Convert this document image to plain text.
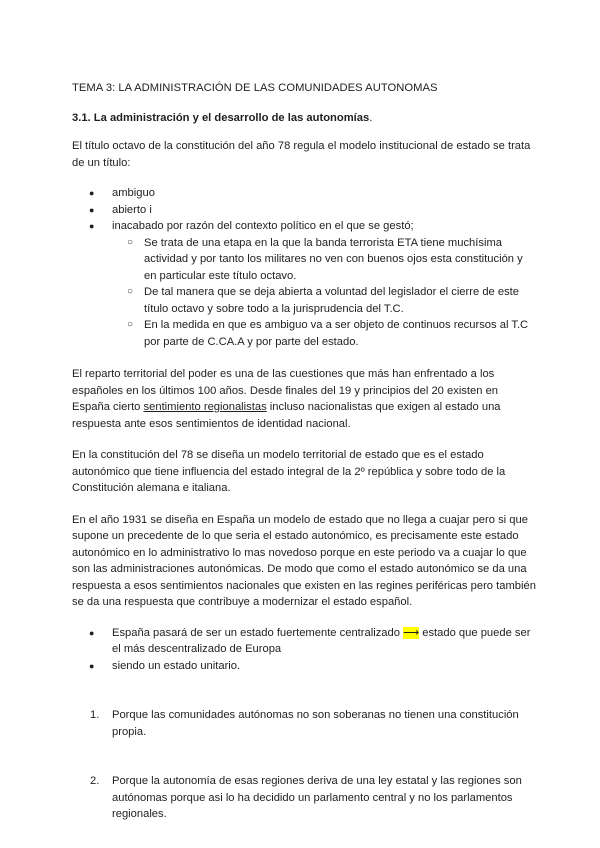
TEMA 3: LA ADMINISTRACIÓN DE LAS COMUNIDADES AUTONOMAS
3.1. La administración y el desarrollo de las autonomías.

El título octavo de la constitución del año 78 regula el modelo institucional de estado se trata de un título:

● ambiguo
● abierto i
● inacabado por razón del contexto político en el que se gestó;
○ Se trata de una etapa en la que la banda terrorista ETA tiene muchísima actividad y por tanto los militares no ven con buenos ojos esta constitución y en particular este título octavo.
○ De tal manera que se deja abierta a voluntad del legislador el cierre de este título octavo y sobre todo a la jurisprudencia del T.C.
○ En la medida en que es ambiguo va a ser objeto de continuos recursos al T.C por parte de C.CA.A y por parte del estado.

El reparto territorial del poder es una de las cuestiones que más han enfrentado a los españoles en los últimos 100 años. Desde finales del 19 y principios del 20 existen en España cierto sentimiento regionalistas incluso nacionalistas que exigen al estado una respuesta ante esos sentimientos de identidad nacional.

En la constitución del 78 se diseña un modelo territorial de estado que es el estado autonómico que tiene influencia del estado integral de la 2º república y sobre todo de la Constitución alemana e italiana.

En el año 1931 se diseña en España un modelo de estado que no llega a cuajar pero si que supone un precedente de lo que seria el estado autonómico, es precisamente este estado autonómico en lo administrativo lo mas novedoso porque en este periodo va a cuajar lo que son las administraciones autonómicas. De modo que como el estado autonómico se da una respuesta a esos sentimientos nacionales que existen en las regines periféricas pero también se da una respuesta que contribuye a modernizar el estado español.

● España pasará de ser un estado fuertemente centralizado ⟶ estado que puede ser el más descentralizado de Europa
● siendo un estado unitario.
1. Porque las comunidades autónomas no son soberanas no tienen una constitución propia.
2. Porque la autonomía de esas regiones deriva de una ley estatal y las regiones son autónomas porque asi lo ha decidido un parlamento central y no los parlamentos regionales.
